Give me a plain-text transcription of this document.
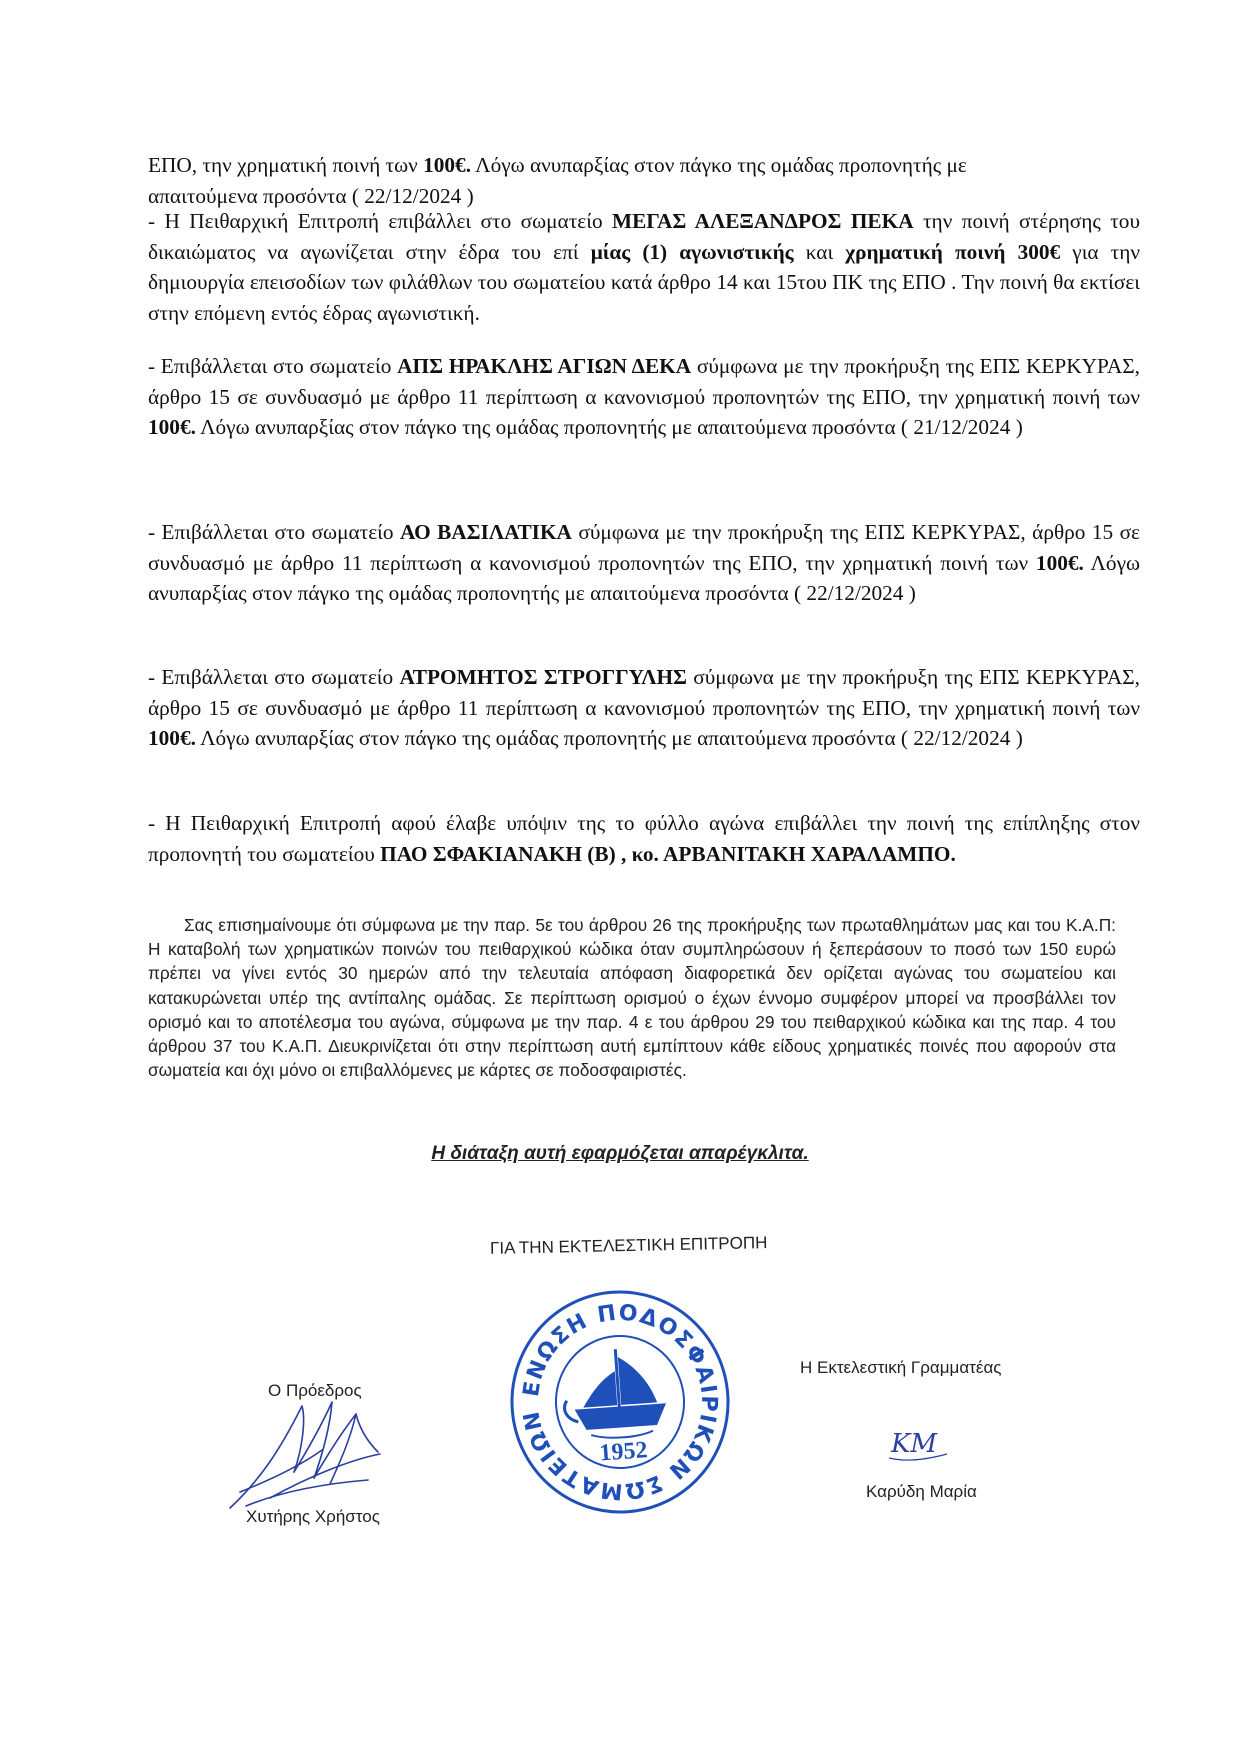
ΕΠΟ, την χρηματική ποινή των 100€. Λόγω ανυπαρξίας στον πάγκο της ομάδας προπονητής με
απαιτούμενα προσόντα ( 22/12/2024 )
- Η Πειθαρχική Επιτροπή επιβάλλει στο σωματείο ΜΕΓΑΣ ΑΛΕΞΑΝΔΡΟΣ ΠΕΚΑ την ποινή στέρησης του δικαιώματος να αγωνίζεται στην έδρα του επί μίας (1) αγωνιστικής και χρηματική ποινή 300€ για την δημιουργία επεισοδίων των φιλάθλων του σωματείου κατά άρθρο 14 και 15του ΠΚ της ΕΠΟ . Την ποινή θα εκτίσει στην επόμενη εντός έδρας αγωνιστική.
- Επιβάλλεται στο σωματείο ΑΠΣ ΗΡΑΚΛΗΣ ΑΓΙΩΝ ΔΕΚΑ σύμφωνα με την προκήρυξη της ΕΠΣ ΚΕΡΚΥΡΑΣ, άρθρο 15 σε συνδυασμό με άρθρο 11 περίπτωση α κανονισμού προπονητών της ΕΠΟ, την χρηματική ποινή των 100€. Λόγω ανυπαρξίας στον πάγκο της ομάδας προπονητής με απαιτούμενα προσόντα ( 21/12/2024 )
- Επιβάλλεται στο σωματείο ΑΟ ΒΑΣΙΛΑΤΙΚΑ σύμφωνα με την προκήρυξη της ΕΠΣ ΚΕΡΚΥΡΑΣ, άρθρο 15 σε συνδυασμό με άρθρο 11 περίπτωση α κανονισμού προπονητών της ΕΠΟ, την χρηματική ποινή των 100€. Λόγω ανυπαρξίας στον πάγκο της ομάδας προπονητής με απαιτούμενα προσόντα ( 22/12/2024 )
- Επιβάλλεται στο σωματείο ΑΤΡΟΜΗΤΟΣ ΣΤΡΟΓΓΥΛΗΣ σύμφωνα με την προκήρυξη της ΕΠΣ ΚΕΡΚΥΡΑΣ, άρθρο 15 σε συνδυασμό με άρθρο 11 περίπτωση α κανονισμού προπονητών της ΕΠΟ, την χρηματική ποινή των 100€. Λόγω ανυπαρξίας στον πάγκο της ομάδας προπονητής με απαιτούμενα προσόντα ( 22/12/2024 )
- Η Πειθαρχική Επιτροπή αφού έλαβε υπόψιν της το φύλλο αγώνα επιβάλλει την ποινή της επίπληξης στον προπονητή του σωματείου ΠΑΟ ΣΦΑΚΙΑΝΑΚΗ (Β) , κο. ΑΡΒΑΝΙΤΑΚΗ ΧΑΡΑΛΑΜΠΟ.
Σας επισημαίνουμε ότι σύμφωνα με την παρ. 5ε του άρθρου 26 της προκήρυξης των πρωταθλημάτων μας και του Κ.Α.Π: Η καταβολή των χρηματικών ποινών του πειθαρχικού κώδικα όταν συμπληρώσουν ή ξεπεράσουν το ποσό των 150 ευρώ πρέπει να γίνει εντός 30 ημερών από την τελευταία απόφαση διαφορετικά δεν ορίζεται αγώνας του σωματείου και κατακυρώνεται υπέρ της αντίπαλης ομάδας. Σε περίπτωση ορισμού ο έχων έννομο συμφέρον μπορεί να προσβάλλει τον ορισμό και το αποτέλεσμα του αγώνα, σύμφωνα με την παρ. 4 ε του άρθρου 29 του πειθαρχικού κώδικα και της παρ. 4 του άρθρου 37 του Κ.Α.Π. Διευκρινίζεται ότι στην περίπτωση αυτή εμπίπτουν κάθε είδους χρηματικές ποινές που αφορούν στα σωματεία και όχι μόνο οι επιβαλλόμενες με κάρτες σε ποδοσφαιριστές.
Η διάταξη αυτή εφαρμόζεται απαρέγκλιτα.
ΓΙΑ ΤΗΝ ΕΚΤΕΛΕΣΤΙΚΗ ΕΠΙΤΡΟΠΗ
Ο Πρόεδρος
Χυτήρης Χρήστος
ΕΝΩΣΗ ΠΟΔΟΣΦΑΙΡΙΚΩΝ ΣΩΜΑΤΕΙΩΝ ΚΕΡΚΥΡΑΣ - ΝΟΙ
1952
Η Εκτελεστική Γραμματέας
ΚΜ
Καρύδη Μαρία
